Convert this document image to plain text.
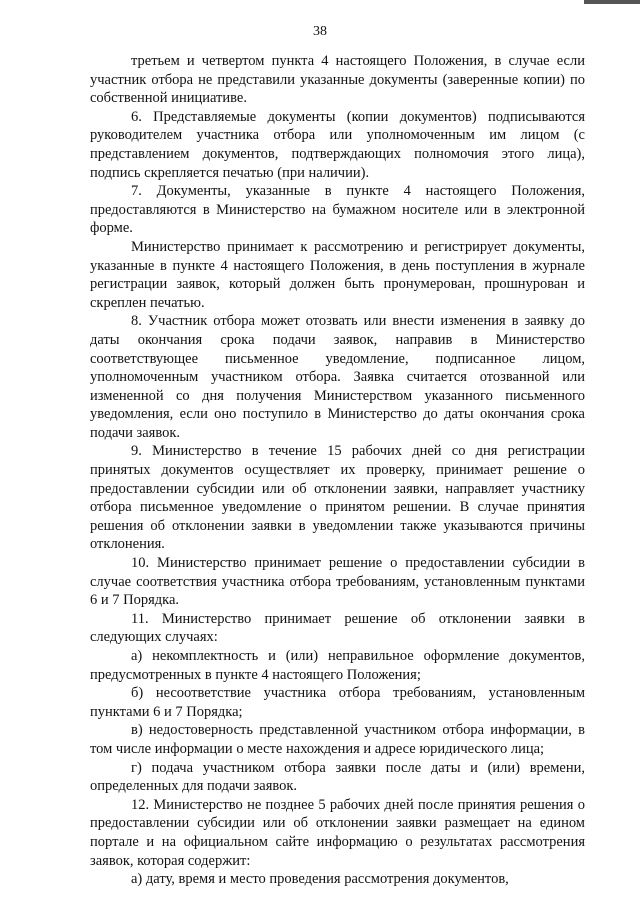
38

третьем и четвертом пункта 4 настоящего Положения, в случае если участник отбора не представили указанные документы (заверенные копии) по собственной инициативе.

6. Представляемые документы (копии документов) подписываются руководителем участника отбора или уполномоченным им лицом (с представлением документов, подтверждающих полномочия этого лица), подпись скрепляется печатью (при наличии).

7. Документы, указанные в пункте 4 настоящего Положения, предоставляются в Министерство на бумажном носителе или в электронной форме.

Министерство принимает к рассмотрению и регистрирует документы, указанные в пункте 4 настоящего Положения, в день поступления в журнале регистрации заявок, который должен быть пронумерован, прошнурован и скреплен печатью.

8. Участник отбора может отозвать или внести изменения в заявку до даты окончания срока подачи заявок, направив в Министерство соответствующее письменное уведомление, подписанное лицом, уполномоченным участником отбора. Заявка считается отозванной или измененной со дня получения Министерством указанного письменного уведомления, если оно поступило в Министерство до даты окончания срока подачи заявок.

9. Министерство в течение 15 рабочих дней со дня регистрации принятых документов осуществляет их проверку, принимает решение о предоставлении субсидии или об отклонении заявки, направляет участнику отбора письменное уведомление о принятом решении. В случае принятия решения об отклонении заявки в уведомлении также указываются причины отклонения.

10. Министерство принимает решение о предоставлении субсидии в случае соответствия участника отбора требованиям, установленным пунктами 6 и 7 Порядка.

11. Министерство принимает решение об отклонении заявки в следующих случаях:

а) некомплектность и (или) неправильное оформление документов, предусмотренных в пункте 4 настоящего Положения;

б) несоответствие участника отбора требованиям, установленным пунктами 6 и 7 Порядка;

в) недостоверность представленной участником отбора информации, в том числе информации о месте нахождения и адресе юридического лица;

г) подача участником отбора заявки после даты и (или) времени, определенных для подачи заявок.

12. Министерство не позднее 5 рабочих дней после принятия решения о предоставлении субсидии или об отклонении заявки размещает на едином портале и на официальном сайте информацию о результатах рассмотрения заявок, которая содержит:

а) дату, время и место проведения рассмотрения документов,
